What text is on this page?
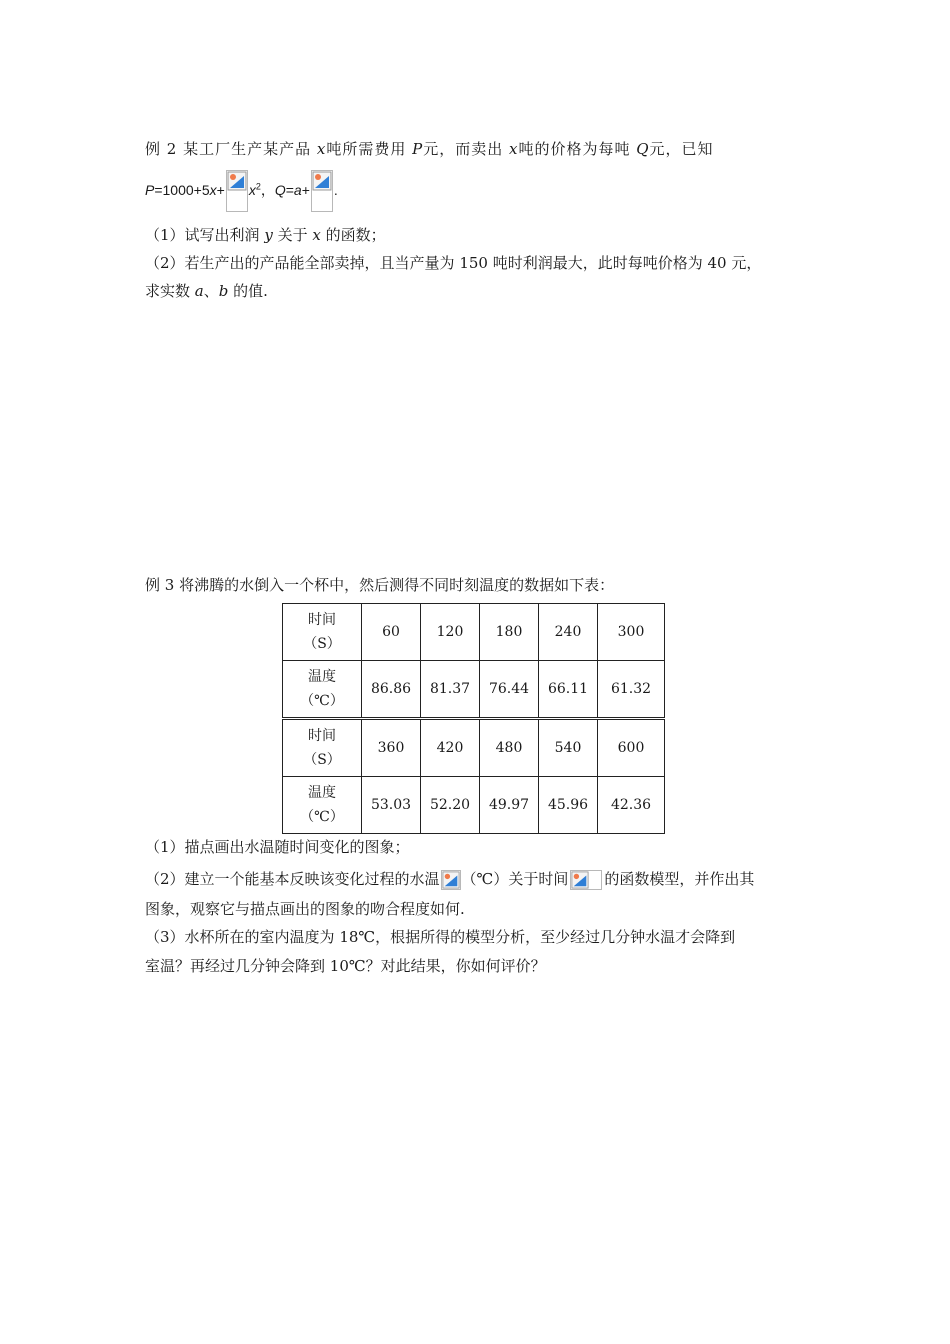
例 2 某工厂生产某产品 x吨所需费用 P元，而卖出 x吨的价格为每吨 Q元，已知
$P=1000+5x+ x^2$，Q=a+ .
（1）试写出利润 y 关于 x 的函数；
（2）若生产出的产品能全部卖掉，且当产量为 150 吨时利润最大，此时每吨价格为 40 元，
求实数 a、b 的值.
例 3 将沸腾的水倒入一个杯中，然后测得不同时刻温度的数据如下表：
时间
（S）	60	120	180	240	300

温度
（℃）	86.86	81.37	76.44	66.11	61.32

时间
（S）	360	420	480	540	600

温度
（℃）	53.03	52.20	49.97	45.96	42.36
（1）描点画出水温随时间变化的图象；
（2）建立一个能基本反映该变化过程的水温 （℃）关于时间 的函数模型，并作出其
图象，观察它与描点画出的图象的吻合程度如何.
（3）水杯所在的室内温度为 18℃，根据所得的模型分析，至少经过几分钟水温才会降到
室温？再经过几分钟会降到 10℃？对此结果，你如何评价？
